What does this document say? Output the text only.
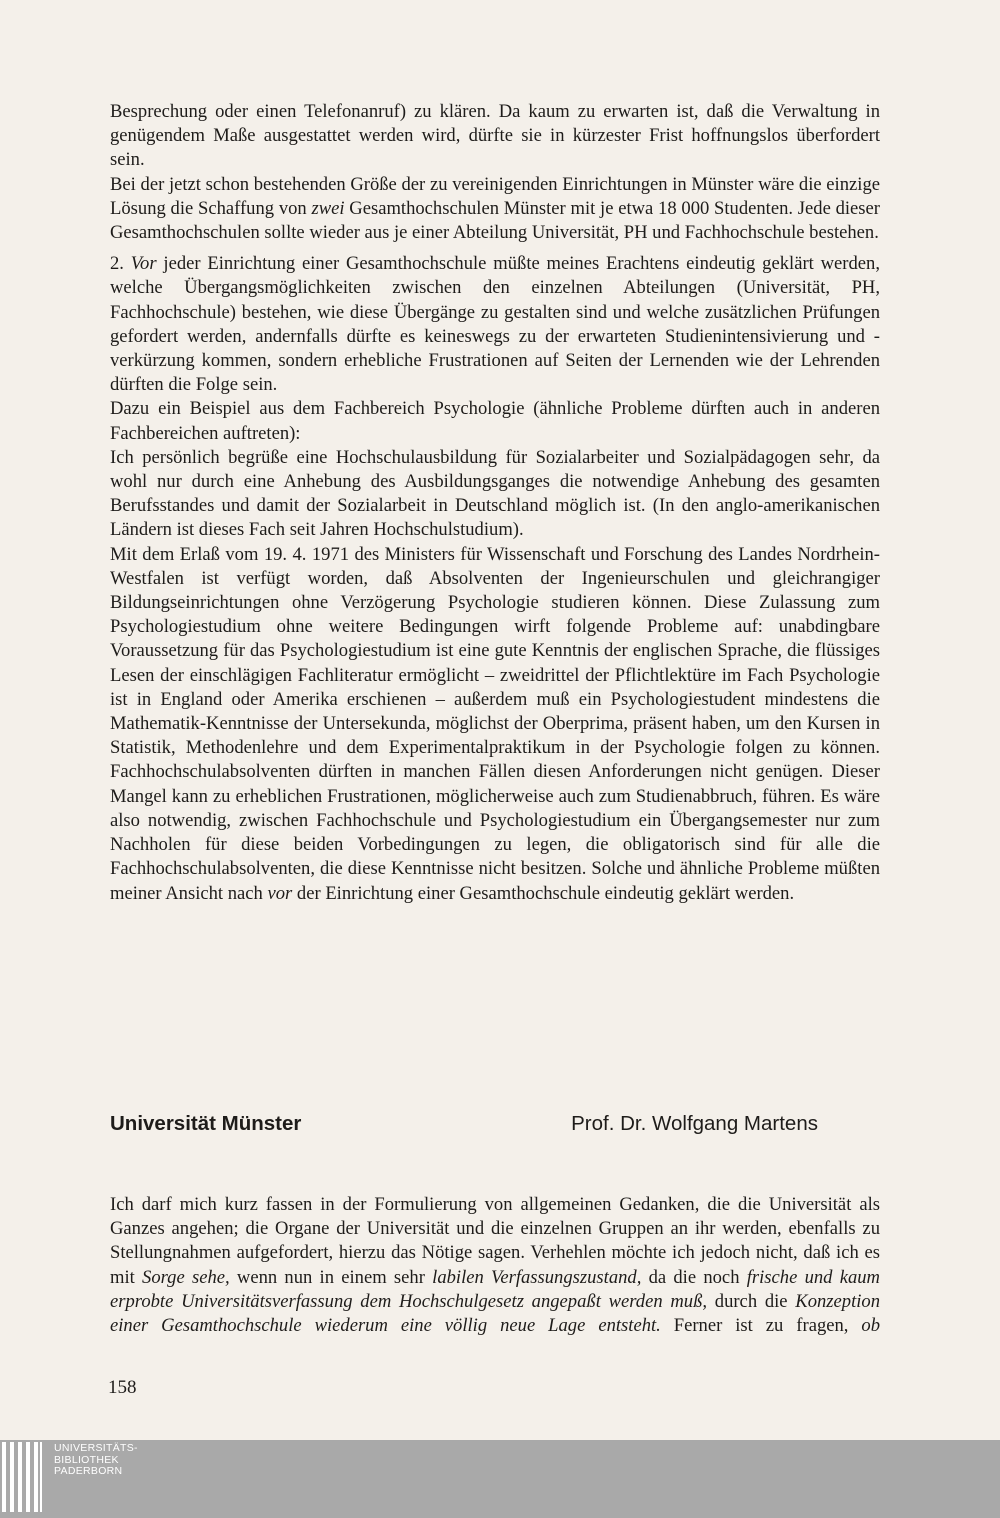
Besprechung oder einen Telefonanruf) zu klären. Da kaum zu erwarten ist, daß die Verwaltung in genügendem Maße ausgestattet werden wird, dürfte sie in kürzester Frist hoffnungslos überfordert sein.

Bei der jetzt schon bestehenden Größe der zu vereinigenden Einrichtungen in Münster wäre die einzige Lösung die Schaffung von zwei Gesamthochschulen Münster mit je etwa 18 000 Studenten. Jede dieser Gesamthochschulen sollte wieder aus je einer Abteilung Universität, PH und Fachhochschule bestehen.

2. Vor jeder Einrichtung einer Gesamthochschule müßte meines Erachtens eindeutig geklärt werden, welche Übergangsmöglichkeiten zwischen den einzelnen Abteilungen (Universität, PH, Fachhochschule) bestehen, wie diese Übergänge zu gestalten sind und welche zusätzlichen Prüfungen gefordert werden, andernfalls dürfte es keineswegs zu der erwarteten Studienintensivierung und -verkürzung kommen, sondern erhebliche Frustrationen auf Seiten der Lernenden wie der Lehrenden dürften die Folge sein.

Dazu ein Beispiel aus dem Fachbereich Psychologie (ähnliche Probleme dürften auch in anderen Fachbereichen auftreten):

Ich persönlich begrüße eine Hochschulausbildung für Sozialarbeiter und Sozialpädagogen sehr, da wohl nur durch eine Anhebung des Ausbildungsganges die notwendige Anhebung des gesamten Berufsstandes und damit der Sozialarbeit in Deutschland möglich ist. (In den anglo-amerikanischen Ländern ist dieses Fach seit Jahren Hochschulstudium).

Mit dem Erlaß vom 19. 4. 1971 des Ministers für Wissenschaft und Forschung des Landes Nordrhein-Westfalen ist verfügt worden, daß Absolventen der Ingenieurschulen und gleichrangiger Bildungseinrichtungen ohne Verzögerung Psychologie studieren können. Diese Zulassung zum Psychologiestudium ohne weitere Bedingungen wirft folgende Probleme auf: unabdingbare Voraussetzung für das Psychologiestudium ist eine gute Kenntnis der englischen Sprache, die flüssiges Lesen der einschlägigen Fachliteratur ermöglicht – zweidrittel der Pflichtlektüre im Fach Psychologie ist in England oder Amerika erschienen – außerdem muß ein Psychologiestudent mindestens die Mathematik-Kenntnisse der Untersekunda, möglichst der Oberprima, präsent haben, um den Kursen in Statistik, Methodenlehre und dem Experimentalpraktikum in der Psychologie folgen zu können. Fachhochschulabsolventen dürften in manchen Fällen diesen Anforderungen nicht genügen. Dieser Mangel kann zu erheblichen Frustrationen, möglicherweise auch zum Studienabbruch, führen. Es wäre also notwendig, zwischen Fachhochschule und Psychologiestudium ein Übergangsemester nur zum Nachholen für diese beiden Vorbedingungen zu legen, die obligatorisch sind für alle die Fachhochschulabsolventen, die diese Kenntnisse nicht besitzen. Solche und ähnliche Probleme müßten meiner Ansicht nach vor der Einrichtung einer Gesamthochschule eindeutig geklärt werden.

Universität Münster	Prof. Dr. Wolfgang Martens

Ich darf mich kurz fassen in der Formulierung von allgemeinen Gedanken, die die Universität als Ganzes angehen; die Organe der Universität und die einzelnen Gruppen an ihr werden, ebenfalls zu Stellungnahmen aufgefordert, hierzu das Nötige sagen. Verhehlen möchte ich jedoch nicht, daß ich es mit Sorge sehe, wenn nun in einem sehr labilen Verfassungszustand, da die noch frische und kaum erprobte Universitätsverfassung dem Hochschulgesetz angepaßt werden muß, durch die Konzeption einer Gesamthochschule wiederum eine völlig neue Lage entsteht. Ferner ist zu fragen, ob

158
UNIVERSITÄTS-
BIBLIOTHEK
PADERBORN
